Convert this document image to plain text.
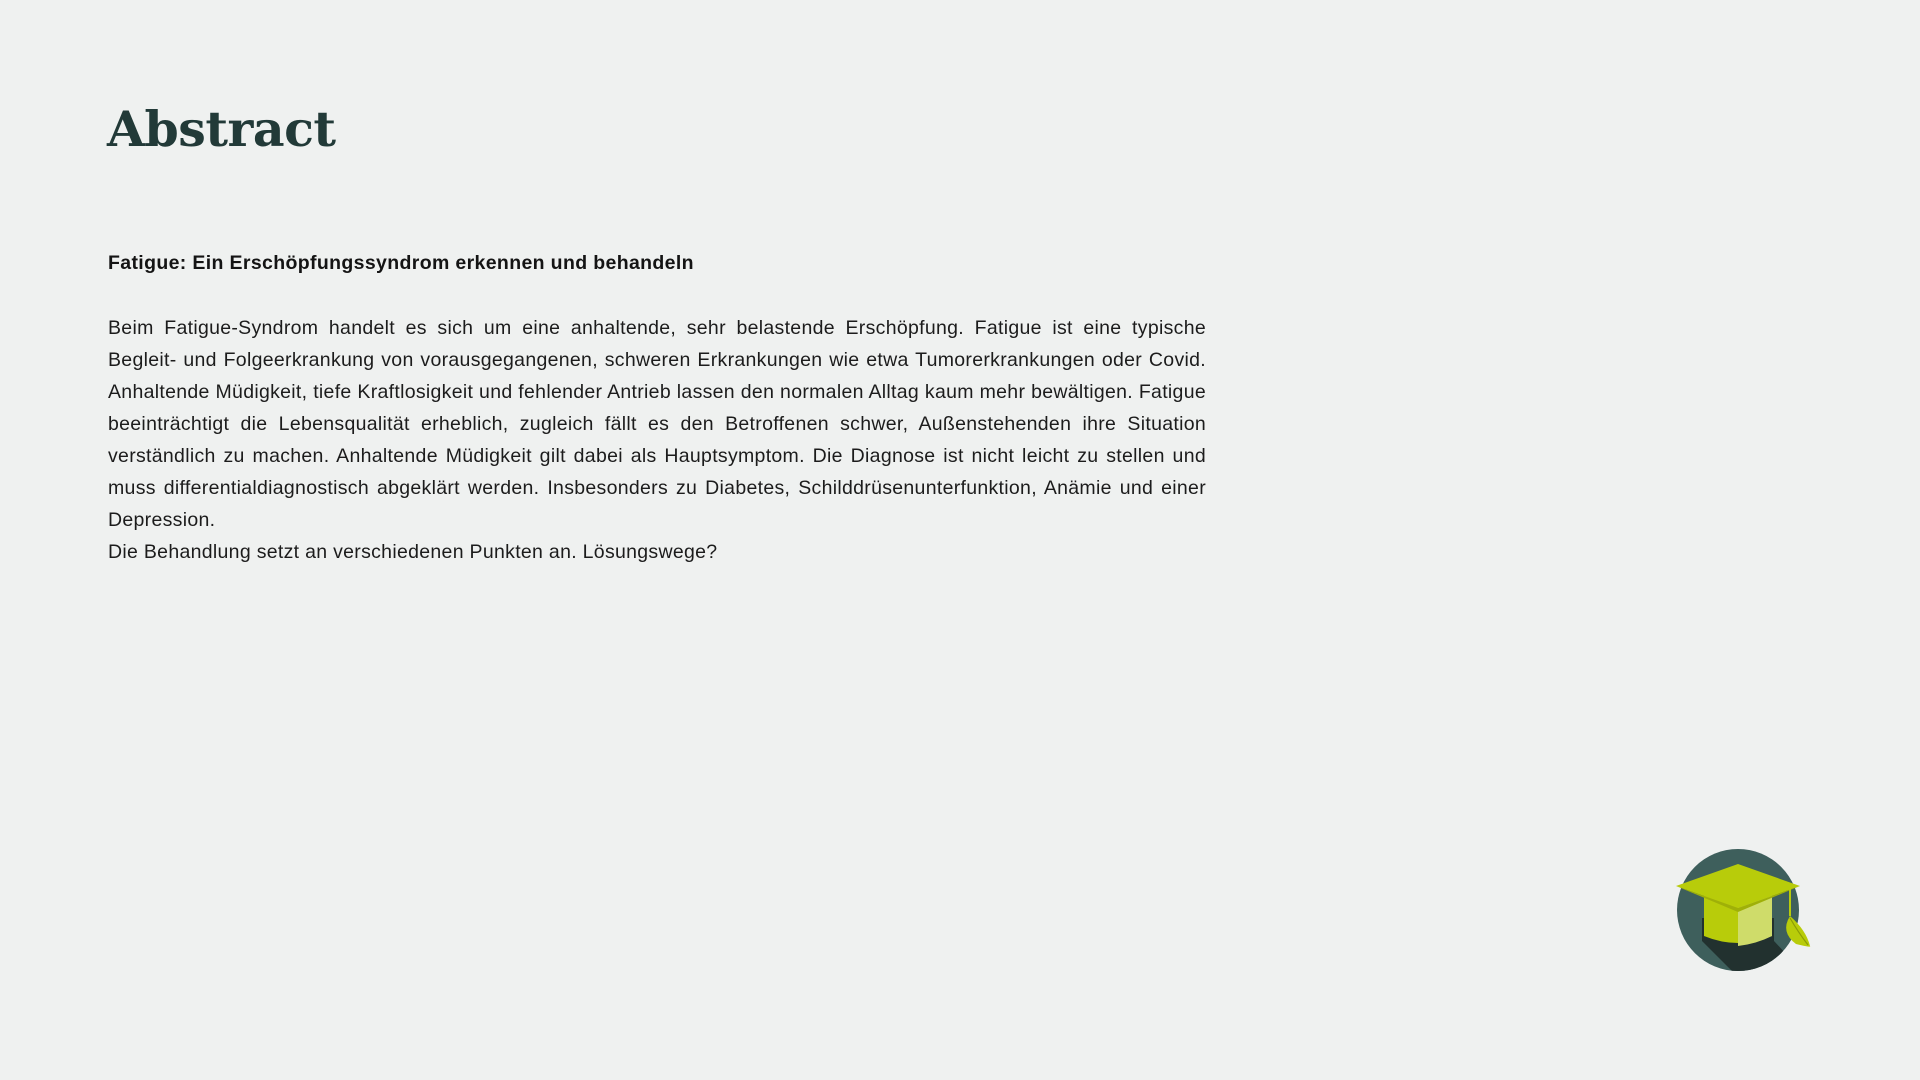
Abstract
Fatigue: Ein Erschöpfungssyndrom erkennen und behandeln

Beim Fatigue-Syndrom handelt es sich um eine anhaltende, sehr belastende Erschöpfung. Fatigue ist eine typische Begleit- und Folgeerkrankung von vorausgegangenen, schweren Erkrankungen wie etwa Tumorerkrankungen oder Covid. Anhaltende Müdigkeit, tiefe Kraftlosigkeit und fehlender Antrieb lassen den normalen Alltag kaum mehr bewältigen. Fatigue beeinträchtigt die Lebensqualität erheblich, zugleich fällt es den Betroffenen schwer, Außenstehenden ihre Situation verständlich zu machen. Anhaltende Müdigkeit gilt dabei als Hauptsymptom. Die Diagnose ist nicht leicht zu stellen und muss differentialdiagnostisch abgeklärt werden. Insbesonders zu Diabetes, Schilddrüsenunterfunktion, Anämie und einer Depression.

Die Behandlung setzt an verschiedenen Punkten an. Lösungswege?
